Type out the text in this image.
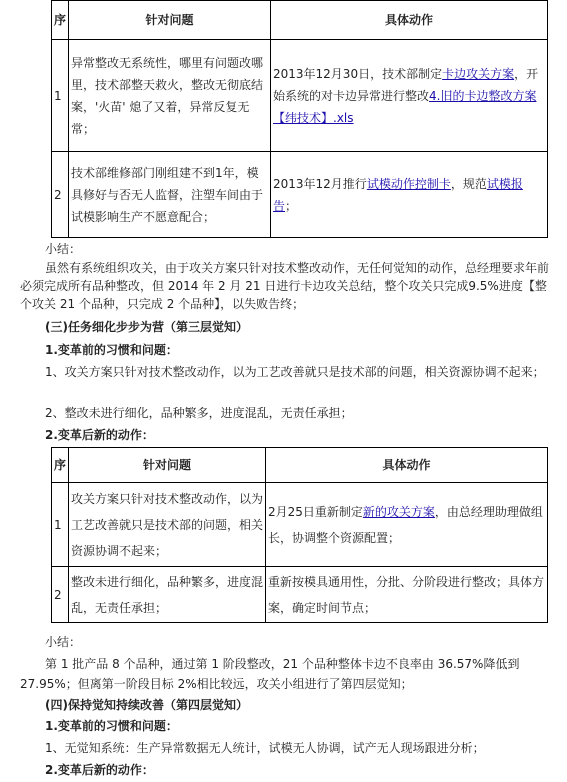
序	针对问题	具体动作
1	异常整改无系统性，哪里有问题改哪里，技术部整天救火，整改无彻底结案，'火苗' 熄了又着，异常反复无常；	2013年12月30日，技术部制定卡边攻关方案，开始系统的对卡边异常进行整改4.旧的卡边整改方案【纬技术】.xls
2	技术部维修部门刚组建不到1年，模具修好与否无人监督，注塑车间由于试模影响生产不愿意配合；	2013年12月推行试模动作控制卡，规范试模报告；
小结：
虽然有系统组织攻关，由于攻关方案只针对技术整改动作，无任何觉知的动作，总经理要求年前必须完成所有品种整改，但 2014 年 2 月 21 日进行卡边攻关总结，整个攻关只完成9.5%进度【整个攻关 21 个品种，只完成 2 个品种】，以失败告终；
(三)任务细化步步为营（第三层觉知）
1.变革前的习惯和问题：
1、攻关方案只针对技术整改动作，以为工艺改善就只是技术部的问题，相关资源协调不起来；
2、整改未进行细化，品种繁多，进度混乱，无责任承担；
2.变革后新的动作：
序	针对问题	具体动作
1	攻关方案只针对技术整改动作，以为工艺改善就只是技术部的问题，相关资源协调不起来；	2月25日重新制定新的攻关方案，由总经理助理做组长，协调整个资源配置；
2	整改未进行细化，品种繁多，进度混乱，无责任承担；	重新按模具通用性，分批、分阶段进行整改；具体方案，确定时间节点；
小结：
第 1 批产品 8 个品种，通过第 1 阶段整改，21 个品种整体卡边不良率由 36.57%降低到27.95%；但离第一阶段目标 2%相比较远，攻关小组进行了第四层觉知；
(四)保持觉知持续改善（第四层觉知）
1.变革前的习惯和问题：
1、无觉知系统：生产异常数据无人统计，试模无人协调，试产无人现场跟进分析；
2.变革后新的动作：
